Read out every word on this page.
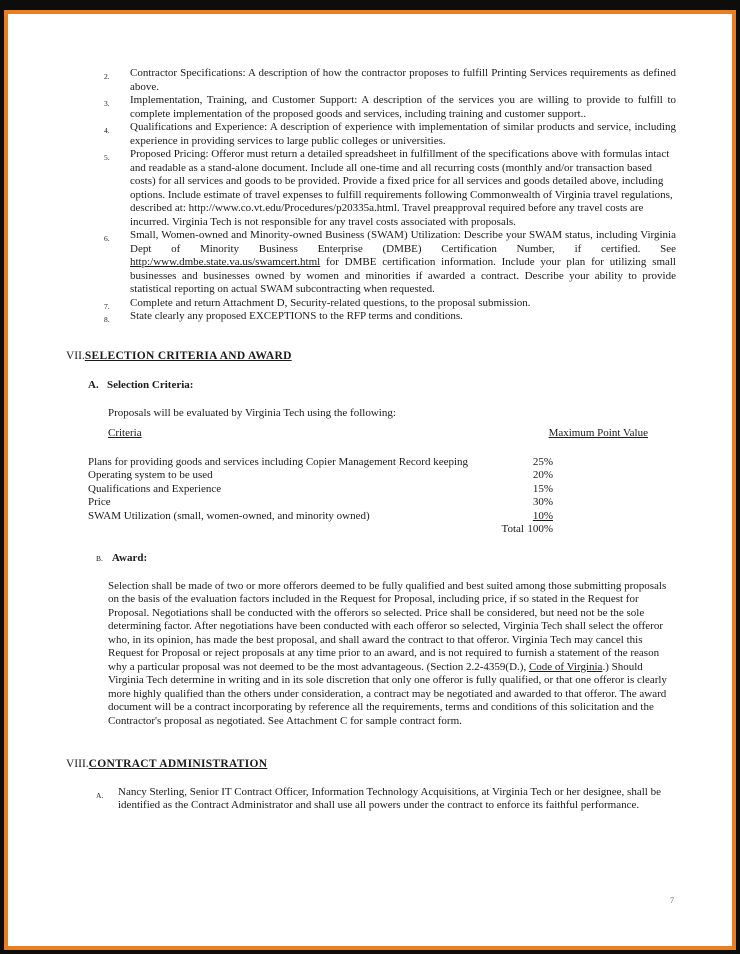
2. Contractor Specifications: A description of how the contractor proposes to fulfill Printing Services requirements as defined above.
3. Implementation, Training, and Customer Support: A description of the services you are willing to provide to fulfill to complete implementation of the proposed goods and services, including training and customer support..
4. Qualifications and Experience: A description of experience with implementation of similar products and service, including experience in providing services to large public colleges or universities.
5. Proposed Pricing: Offeror must return a detailed spreadsheet in fulfillment of the specifications above with formulas intact and readable as a stand-alone document. Include all one-time and all recurring costs (monthly and/or transaction based costs) for all services and goods to be provided. Provide a fixed price for all services and goods detailed above, including options. Include estimate of travel expenses to fulfill requirements following Commonwealth of Virginia travel regulations, described at: http://www.co.vt.edu/Procedures/p20335a.html. Travel preapproval required before any travel costs are incurred. Virginia Tech is not responsible for any travel costs associated with proposals.
6. Small, Women-owned and Minority-owned Business (SWAM) Utilization: Describe your SWAM status, including Virginia Dept of Minority Business Enterprise (DMBE) Certification Number, if certified. See http:/www.dmbe.state.va.us/swamcert.html for DMBE certification information. Include your plan for utilizing small businesses and businesses owned by women and minorities if awarded a contract. Describe your ability to provide statistical reporting on actual SWAM subcontracting when requested.
7. Complete and return Attachment D, Security-related questions, to the proposal submission.
8. State clearly any proposed EXCEPTIONS to the RFP terms and conditions.
VII.SELECTION CRITERIA AND AWARD
A. Selection Criteria:
Proposals will be evaluated by Virginia Tech using the following:
Criteria	Maximum Point Value
Plans for providing goods and services including Copier Management Record keeping	25%
Operating system to be used	20%
Qualifications and Experience	15%
Price	30%
SWAM Utilization (small, women-owned, and minority owned)	10%
Total 100%
B. Award:
Selection shall be made of two or more offerors deemed to be fully qualified and best suited among those submitting proposals on the basis of the evaluation factors included in the Request for Proposal, including price, if so stated in the Request for Proposal. Negotiations shall be conducted with the offerors so selected. Price shall be considered, but need not be the sole determining factor. After negotiations have been conducted with each offeror so selected, Virginia Tech shall select the offeror who, in its opinion, has made the best proposal, and shall award the contract to that offeror. Virginia Tech may cancel this Request for Proposal or reject proposals at any time prior to an award, and is not required to furnish a statement of the reason why a particular proposal was not deemed to be the most advantageous. (Section 2.2-4359(D.), Code of Virginia.) Should Virginia Tech determine in writing and in its sole discretion that only one offeror is fully qualified, or that one offeror is clearly more highly qualified than the others under consideration, a contract may be negotiated and awarded to that offeror. The award document will be a contract incorporating by reference all the requirements, terms and conditions of this solicitation and the Contractor's proposal as negotiated. See Attachment C for sample contract form.
VIII.CONTRACT ADMINISTRATION
A. Nancy Sterling, Senior IT Contract Officer, Information Technology Acquisitions, at Virginia Tech or her designee, shall be identified as the Contract Administrator and shall use all powers under the contract to enforce its faithful performance.
7
